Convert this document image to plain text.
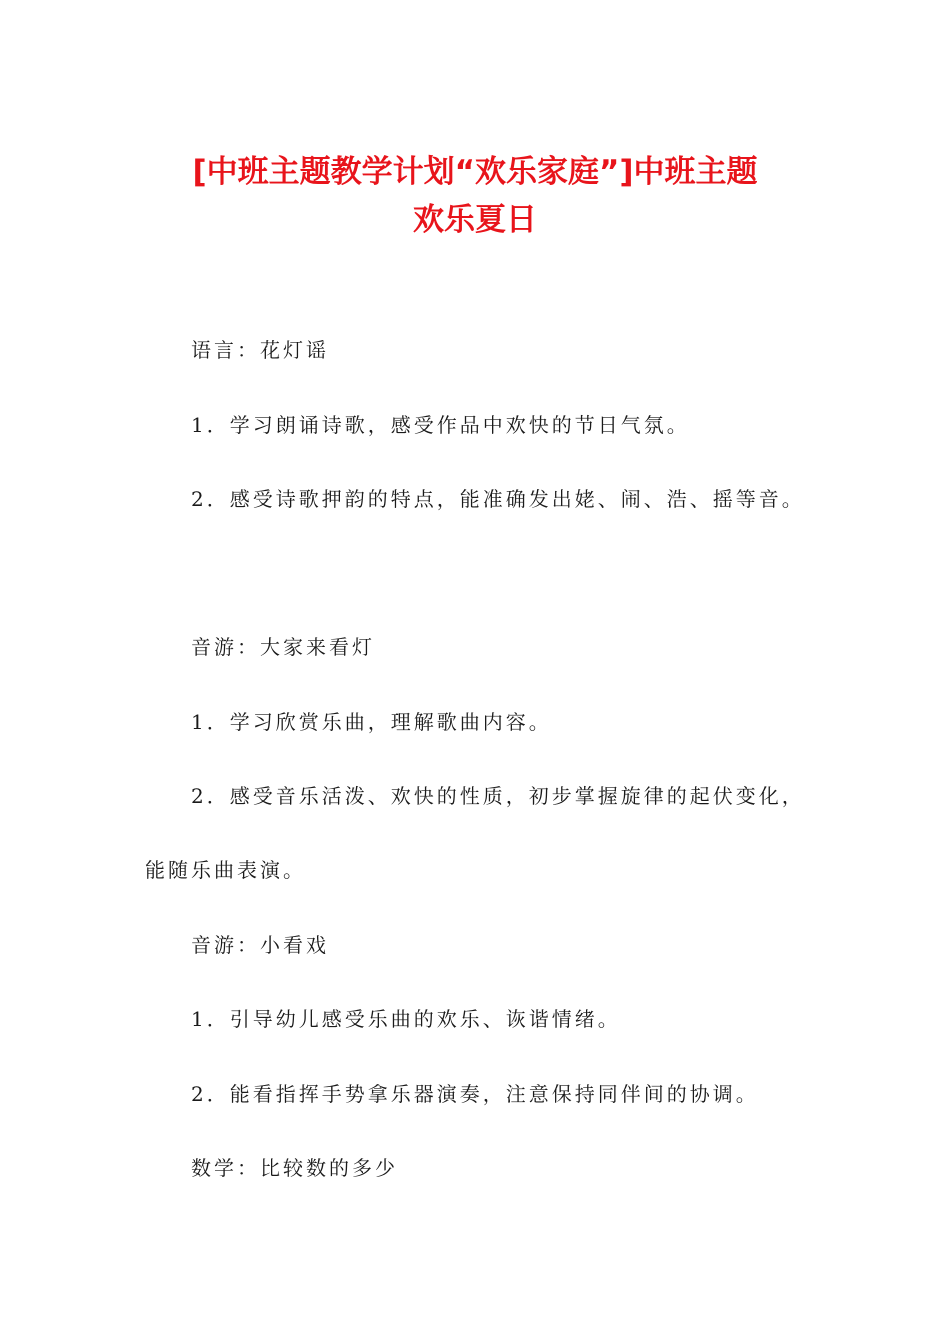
[中班主题教学计划“欢乐家庭”]中班主题
欢乐夏日
语言：花灯谣
1．学习朗诵诗歌，感受作品中欢快的节日气氛。
2．感受诗歌押韵的特点，能准确发出姥、闹、浩、摇等音。
音游：大家来看灯
1．学习欣赏乐曲，理解歌曲内容。
2．感受音乐活泼、欢快的性质，初步掌握旋律的起伏变化，
能随乐曲表演。
音游：小看戏
1．引导幼儿感受乐曲的欢乐、诙谐情绪。
2．能看指挥手势拿乐器演奏，注意保持同伴间的协调。
数学：比较数的多少
